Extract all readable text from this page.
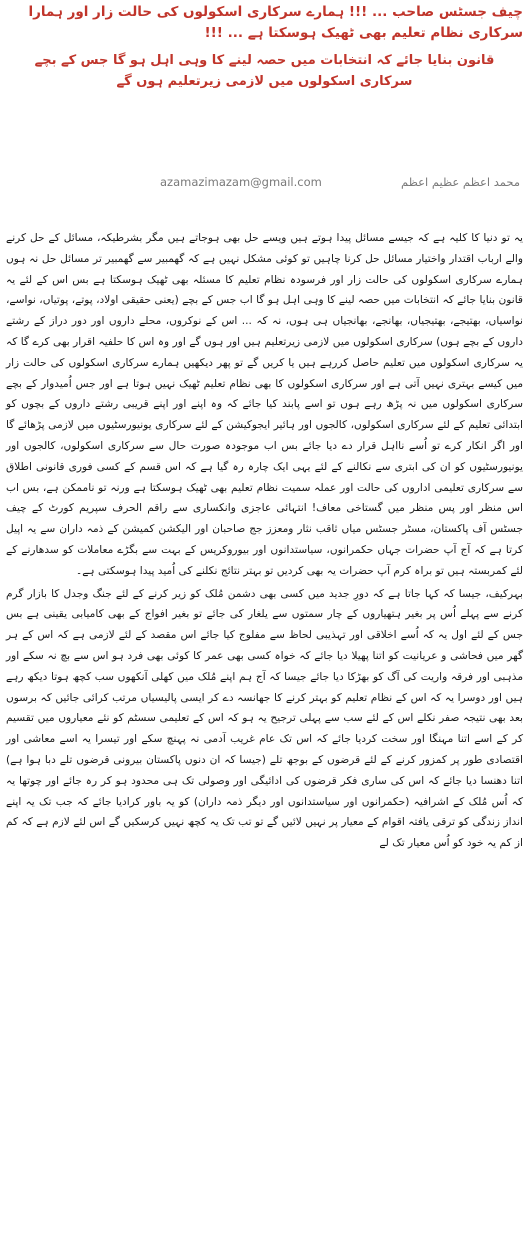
چیف جسٹس صاحب ... !!! ہمارے سرکاری اسکولوں کی حالت زار اور ہمارا سرکاری نظام تعلیم بھی ٹھیک ہوسکتا ہے ... !!!
قانون بنایا جائے کہ انتخابات میں حصہ لینے کا وہی اہل ہو گا جس کے بچے سرکاری اسکولوں میں لازمی زیرتعلیم ہوں گے
azamazimazam@gmail.com	محمد اعظم عظیم اعظم

یہ تو دنیا کا کلیہ ہے کہ جیسے مسائل پیدا ہوتے ہیں ویسے حل بھی ہوجاتے ہیں مگر بشرطیکہ، مسائل کے حل کرنے والے ارباب اقتدار واختیار مسائل حل کرنا چاہیں تو کوئی مشکل نہیں ہے کہ گھمبیر سے گھمبیر تر مسائل حل نہ ہوں ہمارے سرکاری اسکولوں کی حالت زار اور فرسودہ نظام تعلیم کا مسئلہ بھی ٹھیک ہوسکتا ہے بس اس کے لئے یہ قانون بنایا جائے کہ انتخابات میں حصہ لینے کا وہی اہل ہو گا اب جس کے بچے (یعنی حقیقی اولاد، پوتے، پوتیاں، نواسے، نواسیاں، بھتیجے، بھتیجیاں، بھانجے، بھانجیاں ہی ہوں، نہ کہ ... اس کے نوکروں، محلے داروں اور دور دراز کے رشتے داروں کے بچے ہوں) سرکاری اسکولوں میں لازمی زیرتعلیم ہیں اور ہوں گے اور وہ اس کا حلفیہ اقرار بھی کرے گا کہ یہ سرکاری اسکولوں میں تعلیم حاصل کررہے ہیں یا کریں گے تو پھر دیکھیں ہمارے سرکاری اسکولوں کی حالت زار میں کیسے بہتری نہیں آتی ہے اور سرکاری اسکولوں کا بھی نظام تعلیم ٹھیک نہیں ہوتا ہے اور جس اُمیدوار کے بچے سرکاری اسکولوں میں نہ پڑھ رہے ہوں تو اسے پابند کیا جائے کہ وہ اپنے اور اپنے قریبی رشتے داروں کے بچوں کو ابتدائی تعلیم کے لئے سرکاری اسکولوں، کالجوں اور ہائیر ایجوکیشن کے لئے سرکاری یونیورسٹیوں میں لازمی پڑھائے گا اور اگر انکار کرے تو اُسے نااہل قرار دے دیا جائے بس اب موجودہ صورت حال سے سرکاری اسکولوں، کالجوں اور یونیورسٹیوں کو ان کی ابتری سے نکالنے کے لئے یہی ایک چارہ رہ گیا ہے کہ اس قسم کے کسی فوری قانونی اطلاق سے سرکاری تعلیمی اداروں کی حالت اور عملہ سمیت نظام تعلیم بھی ٹھیک ہوسکتا ہے ورنہ تو ناممکن ہے، بس اب اس منظر اور پس منظر میں گستاخی معاف! انتہائی عاجزی وانکساری سے راقم الحرف سپریم کورٹ کے چیف جسٹس آف پاکستان، مسٹر جسٹس میاں ثاقب نثار ومعزز جج صاحبان اور الیکشن کمیشن کے ذمہ داران سے یہ اپیل کرتا ہے کہ آج آپ حضرات جہاں حکمرانوں، سیاستدانوں اور بیوروکریس کے بہت سے بگڑے معاملات کو سدھارنے کے لئے کمربستہ ہیں تو براہ کرم آپ حضرات یہ بھی کردیں تو بہتر نتائج نکلنے کی اُمید پیدا ہوسکتی ہے۔

بہرکیف، جیسا کہ کہا جاتا ہے کہ دورِ جدید میں کسی بھی دشمن مُلک کو زیر کرنے کے لئے جنگ وجدل کا بازار گرم کرنے سے پہلے اُس پر بغیر ہتھیاروں کے چار سمتوں سے یلغار کی جائے تو بغیر افواج کے بھی کامیابی یقینی ہے بس جس کے لئے اول یہ کہ اُسے اخلاقی اور تہذیبی لحاظ سے مفلوج کیا جائے اس مقصد کے لئے لازمی ہے کہ اس کے ہر گھر میں فحاشی و عریانیت کو اتنا پھیلا دیا جائے کہ خواہ کسی بھی عمر کا کوئی بھی فرد ہو اس سے بچ نہ سکے اور مذہبی اور فرقہ واریت کی آگ کو بھڑکا دیا جائے جیسا کہ آج ہم اپنے مُلک میں کھلی آنکھوں سب کچھ ہوتا دیکھ رہے ہیں اور دوسرا یہ کہ اس کے نظام تعلیم کو بہتر کرنے کا جھانسہ دے کر ایسی پالیسیاں مرتب کرائی جائیں کہ برسوں بعد بھی نتیجہ صفر نکلے اس کے لئے سب سے پہلی ترجیح یہ ہو کہ اس کے تعلیمی سسٹم کو نئے معیاروں میں تقسیم کر کے اسے اتنا مہنگا اور سخت کردیا جائے کہ اس تک عام غریب آدمی نہ پہنچ سکے اور تیسرا یہ اسے معاشی اور اقتصادی طور پر کمزور کرنے کے لئے قرضوں کے بوجھ تلے (جیسا کہ ان دنوں پاکستان بیرونی قرضوں تلے دبا ہوا ہے) اتنا دھنسا دیا جائے کہ اس کی ساری فکر قرضوں کی ادائیگی اور وصولی تک ہی محدود ہو کر رہ جائے اور چوتھا یہ کہ اُس مُلک کے اشرافیہ (حکمرانوں اور سیاستدانوں اور دیگر ذمہ داران) کو یہ باور کرادیا جائے کہ جب تک یہ اپنے انداز زندگی کو ترقی یافتہ اقوام کے معیار پر نہیں لائیں گے تو تب تک یہ کچھ نہیں کرسکیں گے اس لئے لازم ہے کہ کم از کم یہ خود کو اُس معیار تک لے
